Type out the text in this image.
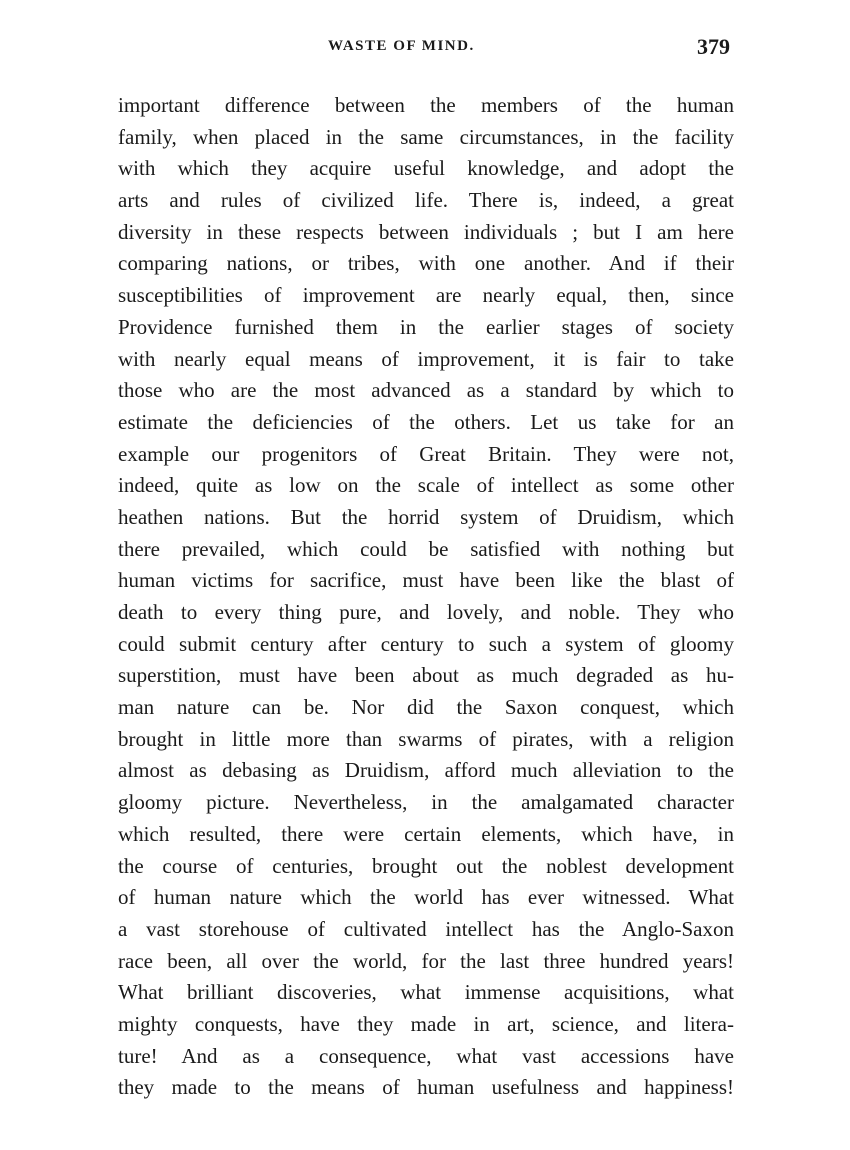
WASTE OF MIND.	379
important difference between the members of the human
family, when placed in the same circumstances, in the facility
with which they acquire useful knowledge, and adopt the
arts and rules of civilized life. There is, indeed, a great
diversity in these respects between individuals ; but I am here
comparing nations, or tribes, with one another. And if their
susceptibilities of improvement are nearly equal, then, since
Providence furnished them in the earlier stages of society
with nearly equal means of improvement, it is fair to take
those who are the most advanced as a standard by which to
estimate the deficiencies of the others. Let us take for an
example our progenitors of Great Britain. They were not,
indeed, quite as low on the scale of intellect as some other
heathen nations. But the horrid system of Druidism, which
there prevailed, which could be satisfied with nothing but
human victims for sacrifice, must have been like the blast of
death to every thing pure, and lovely, and noble. They who
could submit century after century to such a system of gloomy
superstition, must have been about as much degraded as hu-
man nature can be. Nor did the Saxon conquest, which
brought in little more than swarms of pirates, with a religion
almost as debasing as Druidism, afford much alleviation to the
gloomy picture. Nevertheless, in the amalgamated character
which resulted, there were certain elements, which have, in
the course of centuries, brought out the noblest development
of human nature which the world has ever witnessed. What
a vast storehouse of cultivated intellect has the Anglo-Saxon
race been, all over the world, for the last three hundred years!
What brilliant discoveries, what immense acquisitions, what
mighty conquests, have they made in art, science, and litera-
ture! And as a consequence, what vast accessions have
they made to the means of human usefulness and happiness!
